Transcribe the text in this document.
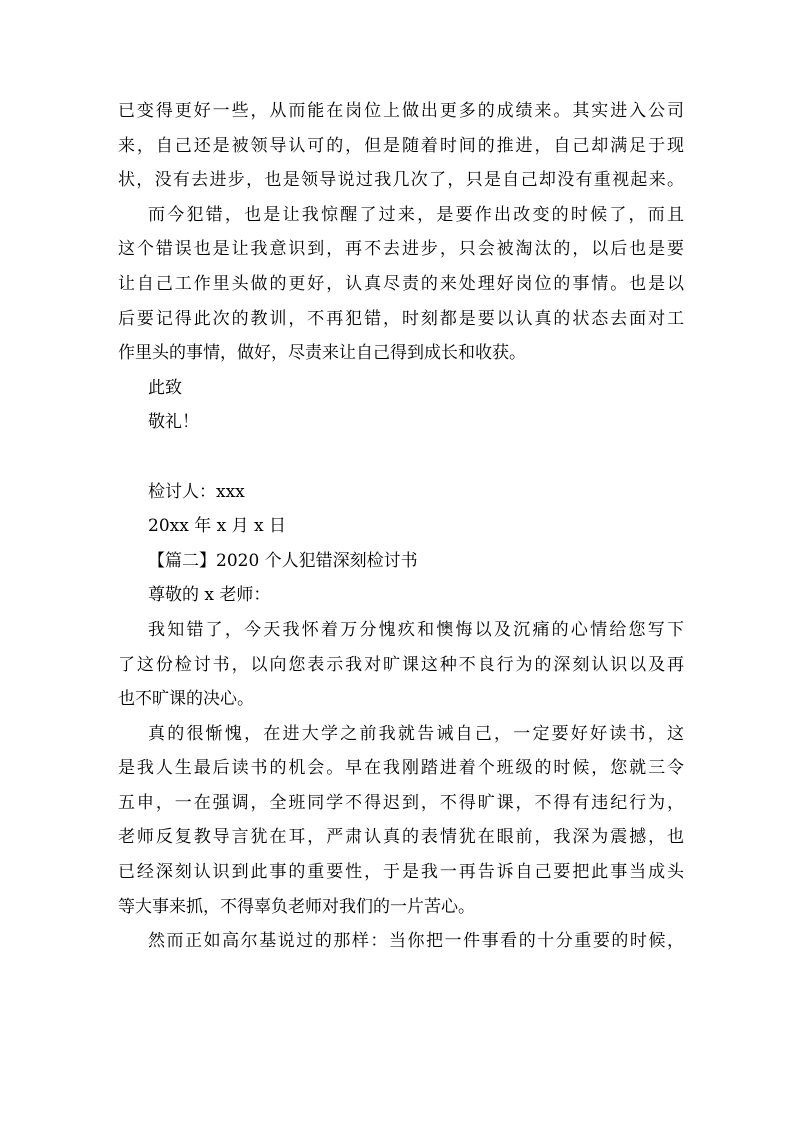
已变得更好一些，从而能在岗位上做出更多的成绩来。其实进入公司
来，自己还是被领导认可的，但是随着时间的推进，自己却满足于现
状，没有去进步，也是领导说过我几次了，只是自己却没有重视起来。
而今犯错，也是让我惊醒了过来，是要作出改变的时候了，而且
这个错误也是让我意识到，再不去进步，只会被淘汰的，以后也是要
让自己工作里头做的更好，认真尽责的来处理好岗位的事情。也是以
后要记得此次的教训，不再犯错，时刻都是要以认真的状态去面对工
作里头的事情，做好，尽责来让自己得到成长和收获。
此致
敬礼！
检讨人：xxx
20xx 年 x 月 x 日
【篇二】2020 个人犯错深刻检讨书
尊敬的 x 老师：
我知错了，今天我怀着万分愧疚和懊悔以及沉痛的心情给您写下
了这份检讨书，以向您表示我对旷课这种不良行为的深刻认识以及再
也不旷课的决心。
真的很惭愧，在进大学之前我就告诫自己，一定要好好读书，这
是我人生最后读书的机会。早在我刚踏进着个班级的时候，您就三令
五申，一在强调，全班同学不得迟到，不得旷课，不得有违纪行为，
老师反复教导言犹在耳，严肃认真的表情犹在眼前，我深为震撼，也
已经深刻认识到此事的重要性，于是我一再告诉自己要把此事当成头
等大事来抓，不得辜负老师对我们的一片苦心。
然而正如高尔基说过的那样：当你把一件事看的十分重要的时候，
